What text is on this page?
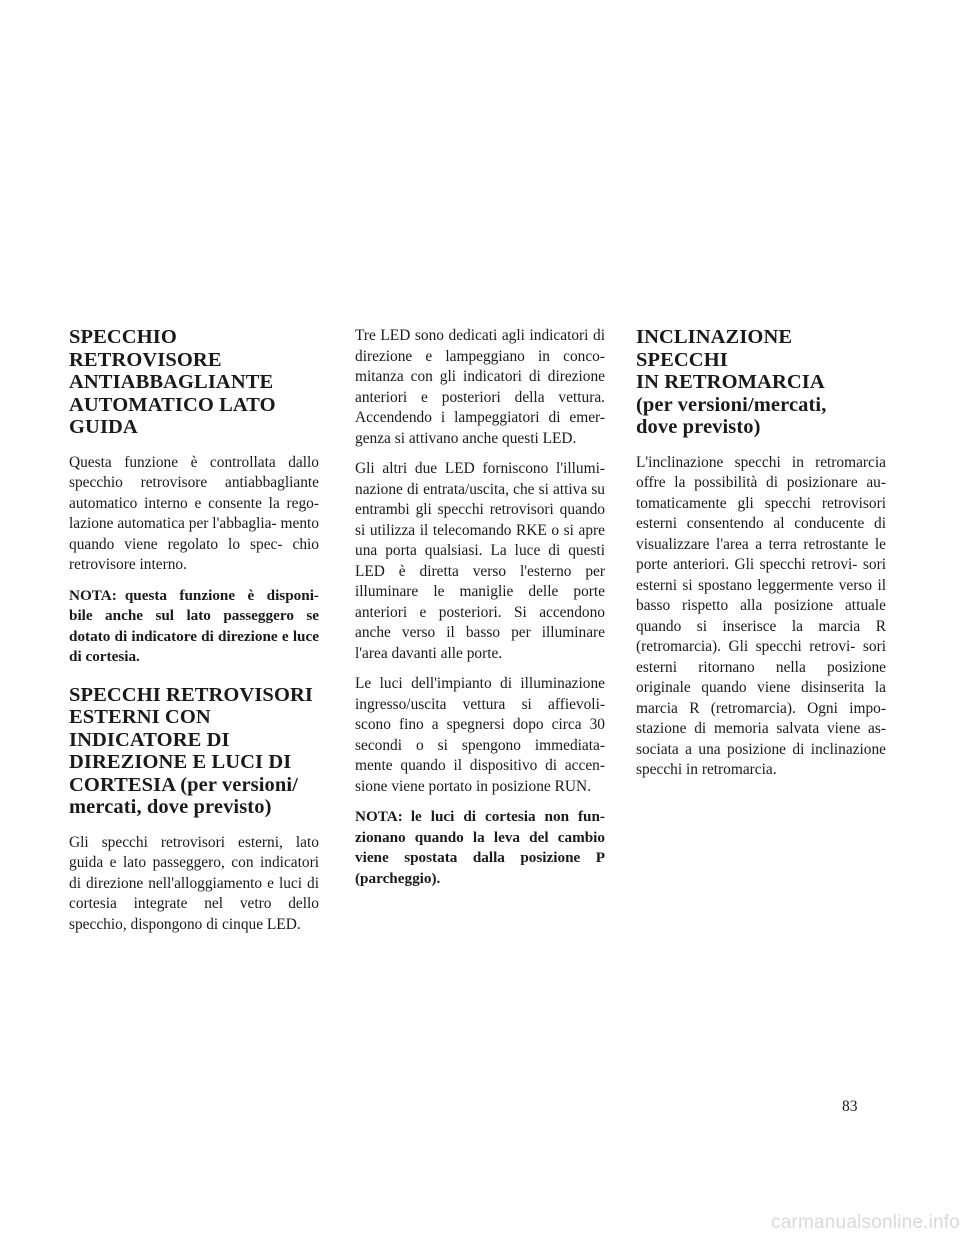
SPECCHIO RETROVISORE
ANTIABBAGLIANTE
AUTOMATICO LATO GUIDA

Questa funzione è controllata dallo specchio retrovisore antiabbagliante automatico interno e consente la rego- lazione automatica per l'abbaglia- mento quando viene regolato lo spec- chio retrovisore interno.

NOTA: questa funzione è disponi- bile anche sul lato passeggero se dotato di indicatore di direzione e luce di cortesia.

SPECCHI RETROVISORI
ESTERNI CON
INDICATORE DI
DIREZIONE E LUCI DI
CORTESIA (per versioni/
mercati, dove previsto)

Gli specchi retrovisori esterni, lato guida e lato passeggero, con indicatori di direzione nell'alloggiamento e luci di cortesia integrate nel vetro dello specchio, dispongono di cinque LED.

Tre LED sono dedicati agli indicatori di direzione e lampeggiano in conco- mitanza con gli indicatori di direzione anteriori e posteriori della vettura. Accendendo i lampeggiatori di emer- genza si attivano anche questi LED.

Gli altri due LED forniscono l'illumi- nazione di entrata/uscita, che si attiva su entrambi gli specchi retrovisori quando si utilizza il telecomando RKE o si apre una porta qualsiasi. La luce di questi LED è diretta verso l'esterno per illuminare le maniglie delle porte anteriori e posteriori. Si accendono anche verso il basso per illuminare l'area davanti alle porte.

Le luci dell'impianto di illuminazione ingresso/uscita vettura si affievoli- scono fino a spegnersi dopo circa 30 secondi o si spengono immediata- mente quando il dispositivo di accen- sione viene portato in posizione RUN.

NOTA: le luci di cortesia non fun- zionano quando la leva del cambio viene spostata dalla posizione P (parcheggio).

INCLINAZIONE SPECCHI
IN RETROMARCIA
(per versioni/mercati,
dove previsto)

L'inclinazione specchi in retromarcia offre la possibilità di posizionare au- tomaticamente gli specchi retrovisori esterni consentendo al conducente di visualizzare l'area a terra retrostante le porte anteriori. Gli specchi retrovi- sori esterni si spostano leggermente verso il basso rispetto alla posizione attuale quando si inserisce la marcia R (retromarcia). Gli specchi retrovi- sori esterni ritornano nella posizione originale quando viene disinserita la marcia R (retromarcia). Ogni impo- stazione di memoria salvata viene as- sociata a una posizione di inclinazione specchi in retromarcia.

83
carmanualsonline.info
